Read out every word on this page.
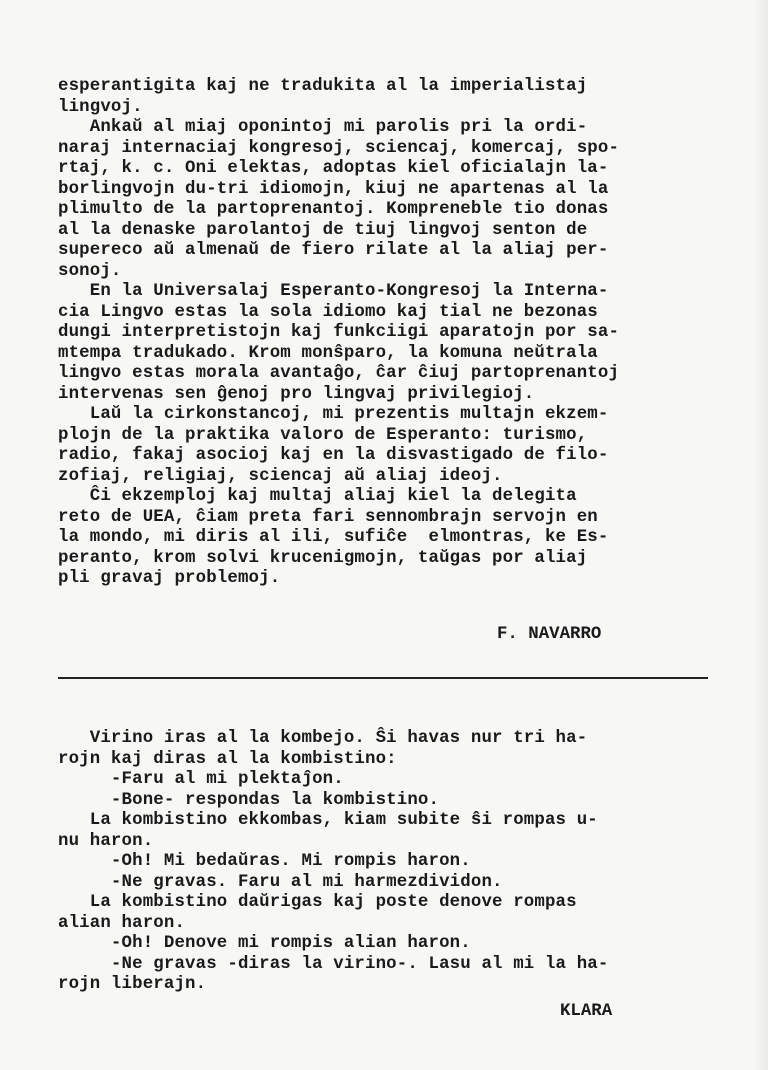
esperantigita kaj ne tradukita al la imperialistaj
lingvoj.
Ankaŭ al miaj oponintoj mi parolis pri la ordi-
naraj internaciaj kongresoj, sciencaj, komercaj, spo-
rtaj, k. c. Oni elektas, adoptas kiel oficialajn la-
borlingvojn du-tri idiomojn, kiuj ne apartenas al la
plimulto de la partoprenantoj. Kompreneble tio donas
al la denaske parolantoj de tiuj lingvoj senton de
supereco aŭ almenaŭ de fiero rilate al la aliaj per-
sonoj.
En la Universalaj Esperanto-Kongresoj la Interna-
cia Lingvo estas la sola idiomo kaj tial ne bezonas
dungi interpretistojn kaj funkciigi aparatojn por sa-
mtempa tradukado. Krom monŝparo, la komuna neŭtrala
lingvo estas morala avantaĝo, ĉar ĉiuj partoprenantoj
intervenas sen ĝenoj pro lingvaj privilegioj.
Laŭ la cirkonstancoj, mi prezentis multajn ekzem-
plojn de la praktika valoro de Esperanto: turismo,
radio, fakaj asocioj kaj en la disvastigado de filo-
zofiaj, religiaj, sciencaj aŭ aliaj ideoj.
Ĉi ekzemploj kaj multaj aliaj kiel la delegita
reto de UEA, ĉiam preta fari sennombrajn servojn en
la mondo, mi diris al ili, sufiĉe  elmontras, ke Es-
peranto, krom solvi krucenigmojn, taŭgas por aliaj
pli gravaj problemoj.
F. NAVARRO
Virino iras al la kombejo. Ŝi havas nur tri ha-
rojn kaj diras al la kombistino:
-Faru al mi plektaĵon.
-Bone- respondas la kombistino.
La kombistino ekkombas, kiam subite ŝi rompas u-
nu haron.
-Oh! Mi bedaŭras. Mi rompis haron.
-Ne gravas. Faru al mi harmezdividon.
La kombistino daŭrigas kaj poste denove rompas
alian haron.
-Oh! Denove mi rompis alian haron.
-Ne gravas -diras la virino-. Lasu al mi la ha-
rojn liberajn.
KLARA
